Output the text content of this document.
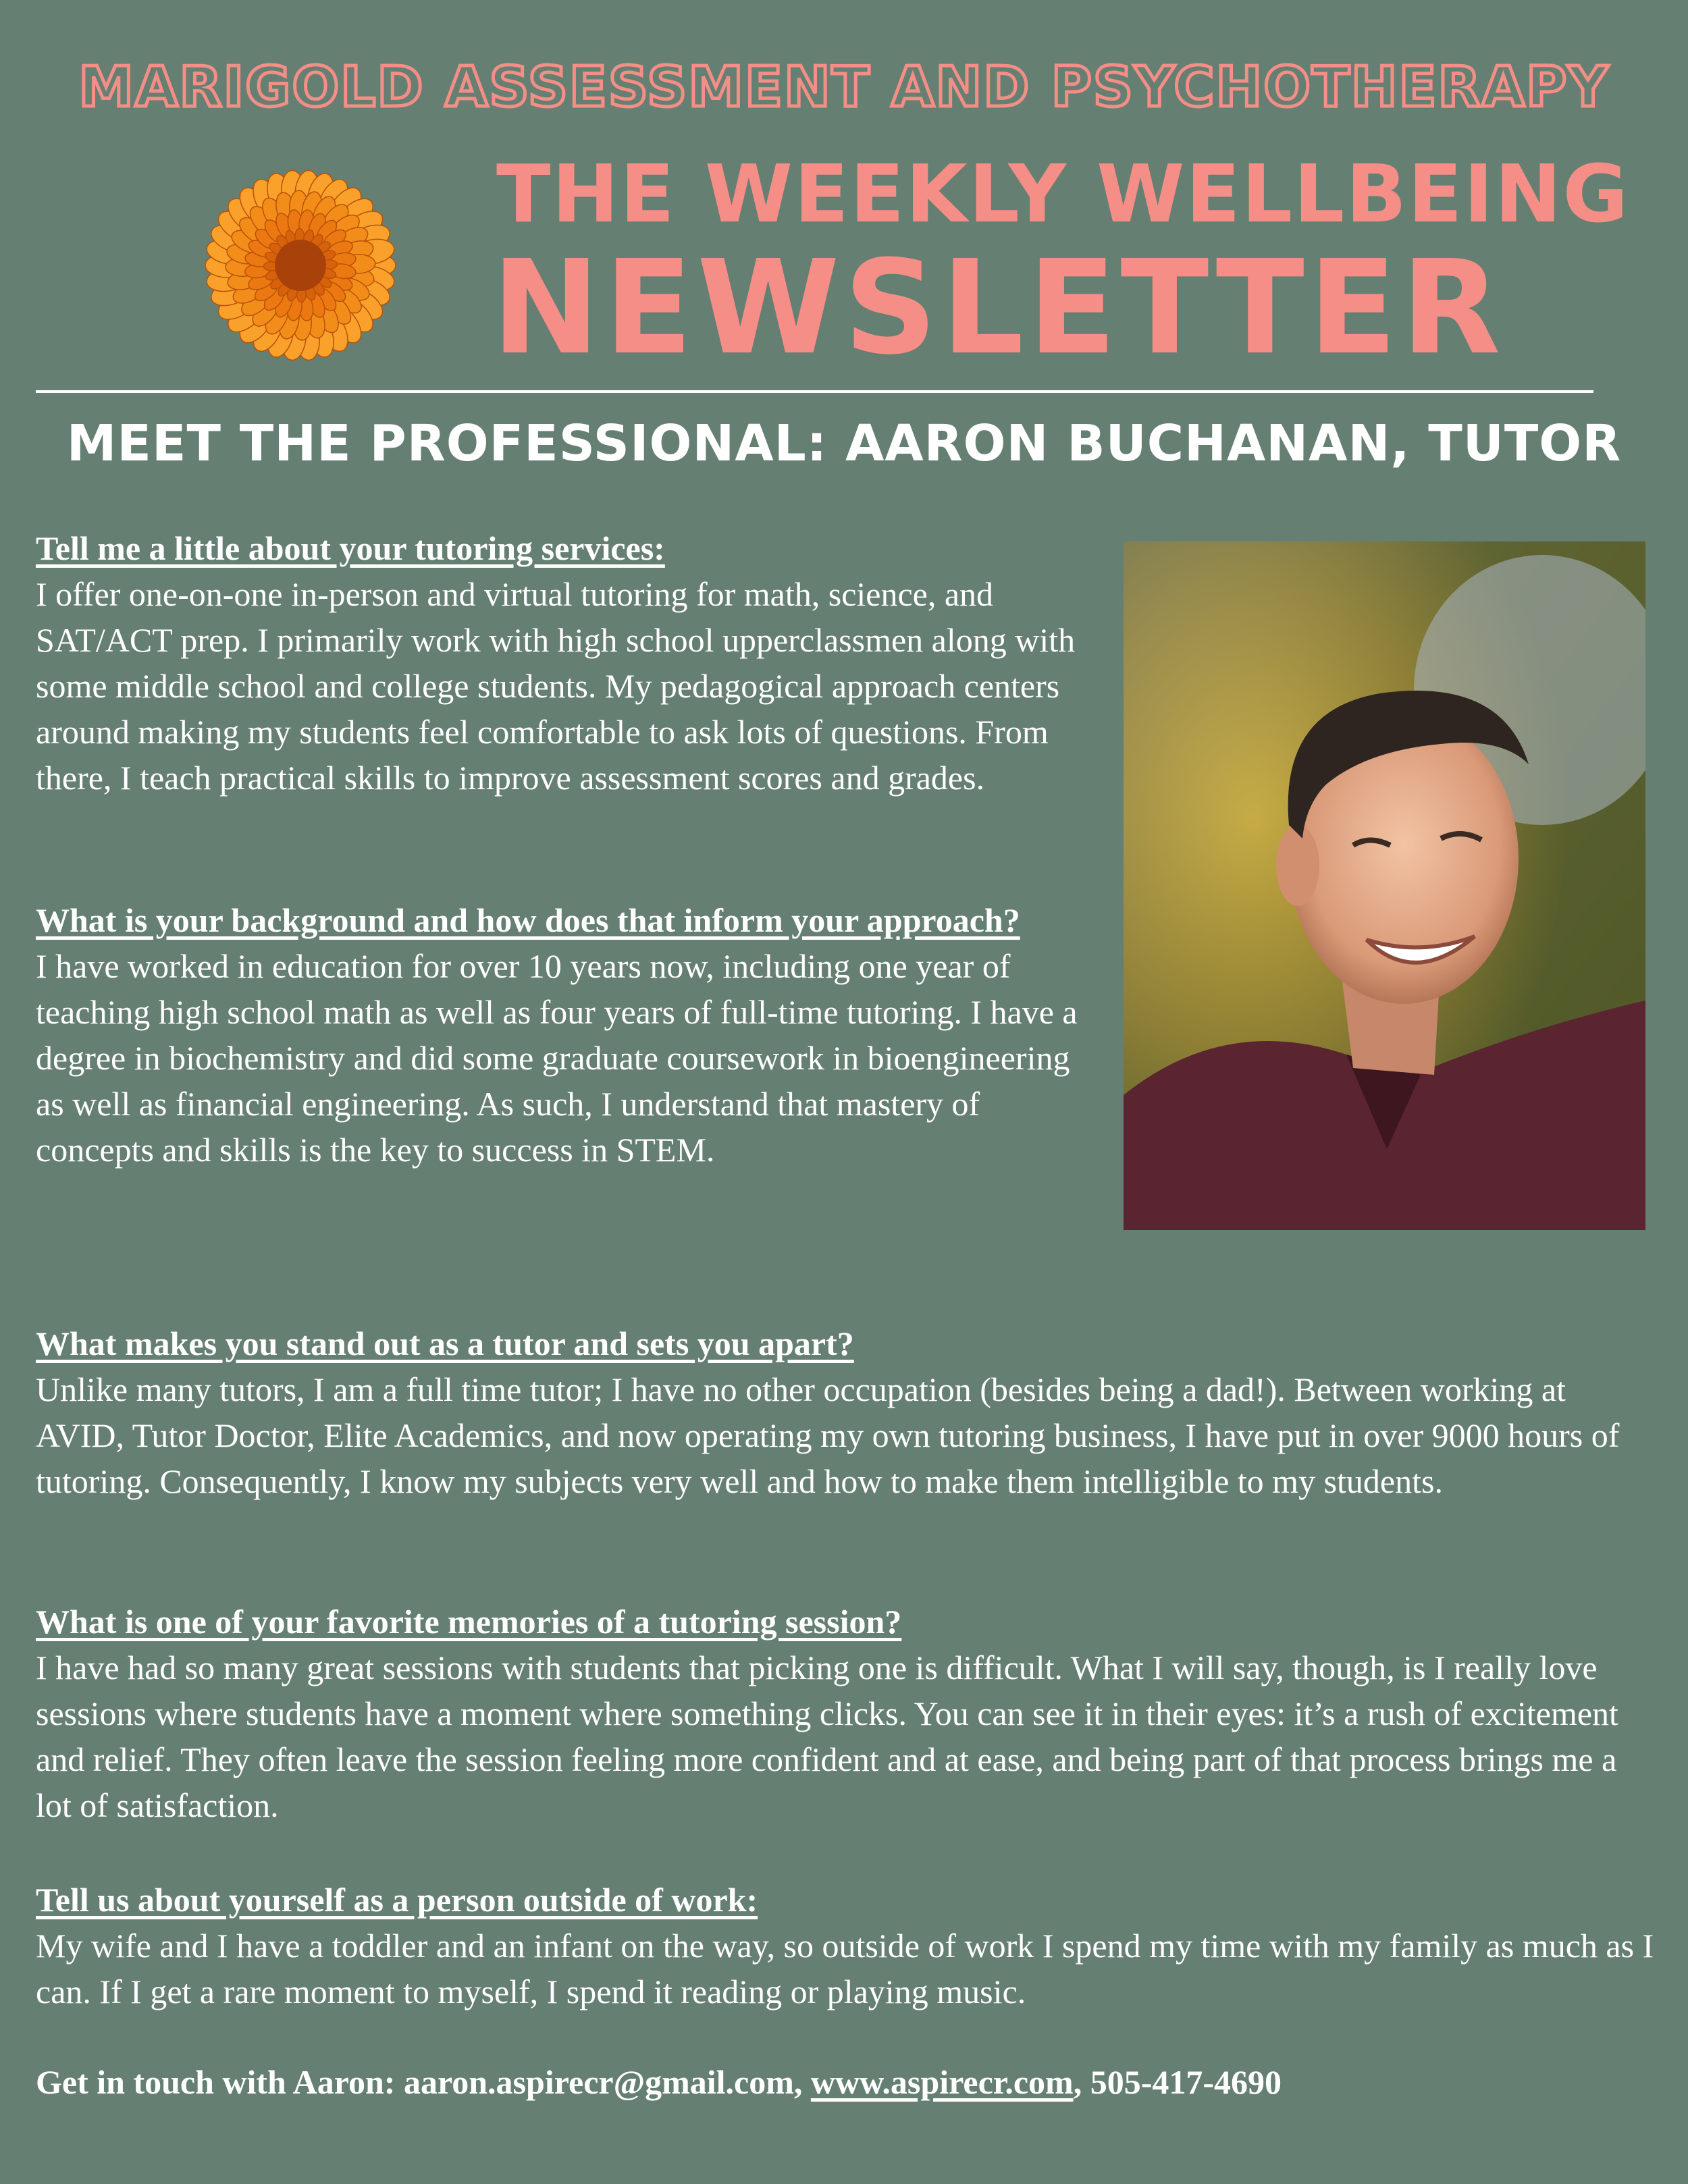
MARIGOLD ASSESSMENT AND PSYCHOTHERAPY
THE WEEKLY WELLBEING
NEWSLETTER
MEET THE PROFESSIONAL: AARON BUCHANAN, TUTOR

Tell me a little about your tutoring services:

I offer one-on-one in-person and virtual tutoring for math, science, and SAT/ACT prep. I primarily work with high school upperclassmen along with some middle school and college students. My pedagogical approach centers around making my students feel comfortable to ask lots of questions. From there, I teach practical skills to improve assessment scores and grades.

What is your background and how does that inform your approach?

I have worked in education for over 10 years now, including one year of teaching high school math as well as four years of full-time tutoring. I have a degree in biochemistry and did some graduate coursework in bioengineering as well as financial engineering. As such, I understand that mastery of concepts and skills is the key to success in STEM.

What makes you stand out as a tutor and sets you apart?

Unlike many tutors, I am a full time tutor; I have no other occupation (besides being a dad!). Between working at AVID, Tutor Doctor, Elite Academics, and now operating my own tutoring business, I have put in over 9000 hours of tutoring. Consequently, I know my subjects very well and how to make them intelligible to my students.

What is one of your favorite memories of a tutoring session?

I have had so many great sessions with students that picking one is difficult. What I will say, though, is I really love sessions where students have a moment where something clicks. You can see it in their eyes: it’s a rush of excitement and relief. They often leave the session feeling more confident and at ease, and being part of that process brings me a lot of satisfaction.

Tell us about yourself as a person outside of work:

My wife and I have a toddler and an infant on the way, so outside of work I spend my time with my family as much as I can. If I get a rare moment to myself, I spend it reading or playing music.

Get in touch with Aaron: aaron.aspirecr@gmail.com, www.aspirecr.com, 505-417-4690
